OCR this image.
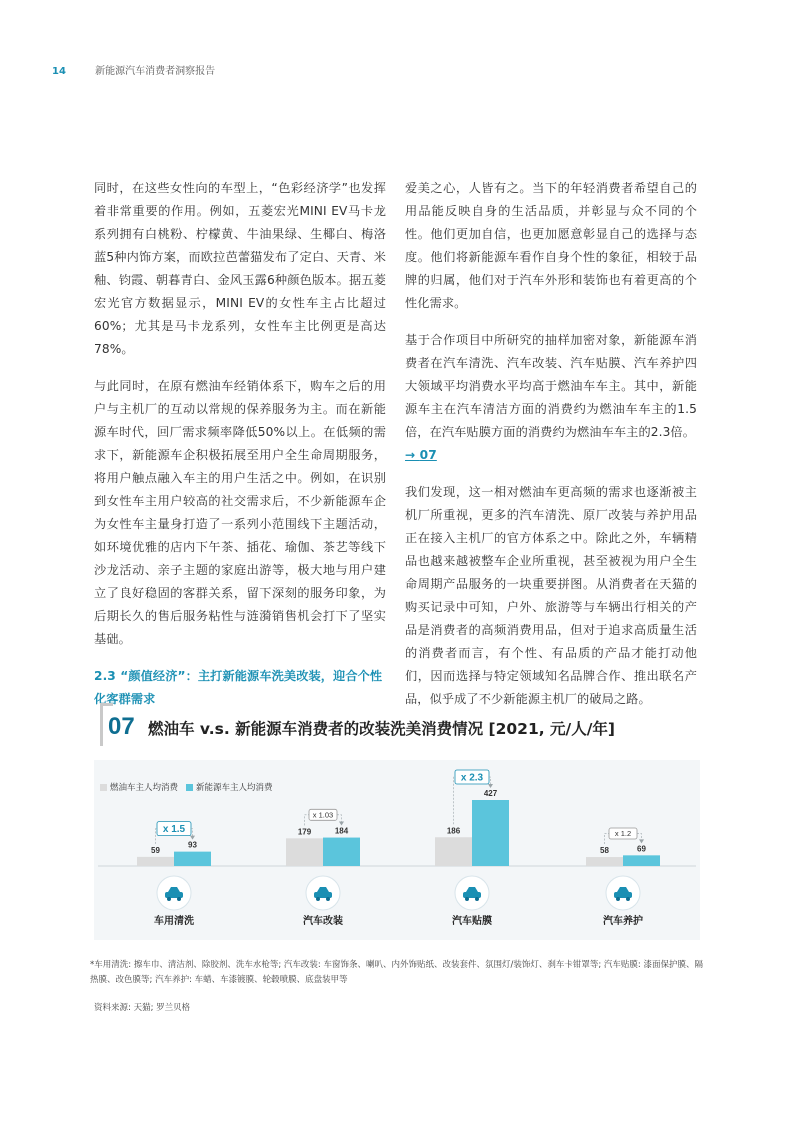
14	新能源汽车消费者洞察报告

同时，在这些女性向的车型上，“色彩经济学”也发挥着非常重要的作用。例如，五菱宏光MINI EV马卡龙系列拥有白桃粉、柠檬黄、牛油果绿、生椰白、梅洛蓝5种内饰方案，而欧拉芭蕾猫发布了定白、天青、米釉、钧霞、朝暮青白、金风玉露6种颜色版本。据五菱宏光官方数据显示，MINI EV的女性车主占比超过60%；尤其是马卡龙系列，女性车主比例更是高达78%。

与此同时，在原有燃油车经销体系下，购车之后的用户与主机厂的互动以常规的保养服务为主。而在新能源车时代，回厂需求频率降低50%以上。在低频的需求下，新能源车企积极拓展至用户全生命周期服务，将用户触点融入车主的用户生活之中。例如，在识别到女性车主用户较高的社交需求后，不少新能源车企为女性车主量身打造了一系列小范围线下主题活动，如环境优雅的店内下午茶、插花、瑜伽、茶艺等线下沙龙活动、亲子主题的家庭出游等，极大地与用户建立了良好稳固的客群关系，留下深刻的服务印象，为后期长久的售后服务粘性与涟漪销售机会打下了坚实基础。

2.3 “颜值经济”：主打新能源车洗美改装，迎合个性化客群需求

爱美之心，人皆有之。当下的年轻消费者希望自己的用品能反映自身的生活品质，并彰显与众不同的个性。他们更加自信，也更加愿意彰显自己的选择与态度。他们将新能源车看作自身个性的象征，相较于品牌的归属，他们对于汽车外形和装饰也有着更高的个性化需求。

基于合作项目中所研究的抽样加密对象，新能源车消费者在汽车清洗、汽车改装、汽车贴膜、汽车养护四大领域平均消费水平均高于燃油车车主。其中，新能源车主在汽车清洁方面的消费约为燃油车车主的1.5倍，在汽车贴膜方面的消费约为燃油车车主的2.3倍。
→ 07

我们发现，这一相对燃油车更高频的需求也逐渐被主机厂所重视，更多的汽车清洗、原厂改装与养护用品正在接入主机厂的官方体系之中。除此之外，车辆精品也越来越被整车企业所重视，甚至被视为用户全生命周期产品服务的一块重要拼图。从消费者在天猫的购买记录中可知，户外、旅游等与车辆出行相关的产品是消费者的高频消费用品，但对于追求高质量生活的消费者而言，有个性、有品质的产品才能打动他们，因而选择与特定领域知名品牌合作、推出联名产品，似乎成了不少新能源主机厂的破局之路。

07 燃油车 v.s. 新能源车消费者的改装洗美消费情况 [2021, 元/人/年]
59
93
x 1.5
车用清洗
179	184
x 1.03
汽车改装
186
427
x 2.3
汽车贴膜
58	69
x 1.2
汽车养护
燃油车主人均消费 新能源车主人均消费
*车用清洗: 擦车巾、清洁剂、除胶剂、洗车水枪等; 汽车改装: 车窗饰条、喇叭、内外饰贴纸、改装套件、氛围灯/装饰灯、刹车卡钳罩等; 汽车贴膜: 漆面保护膜、隔热膜、改色膜等; 汽车养护: 车蜡、车漆镀膜、轮毂喷膜、底盘装甲等
资料来源: 天猫; 罗兰贝格
